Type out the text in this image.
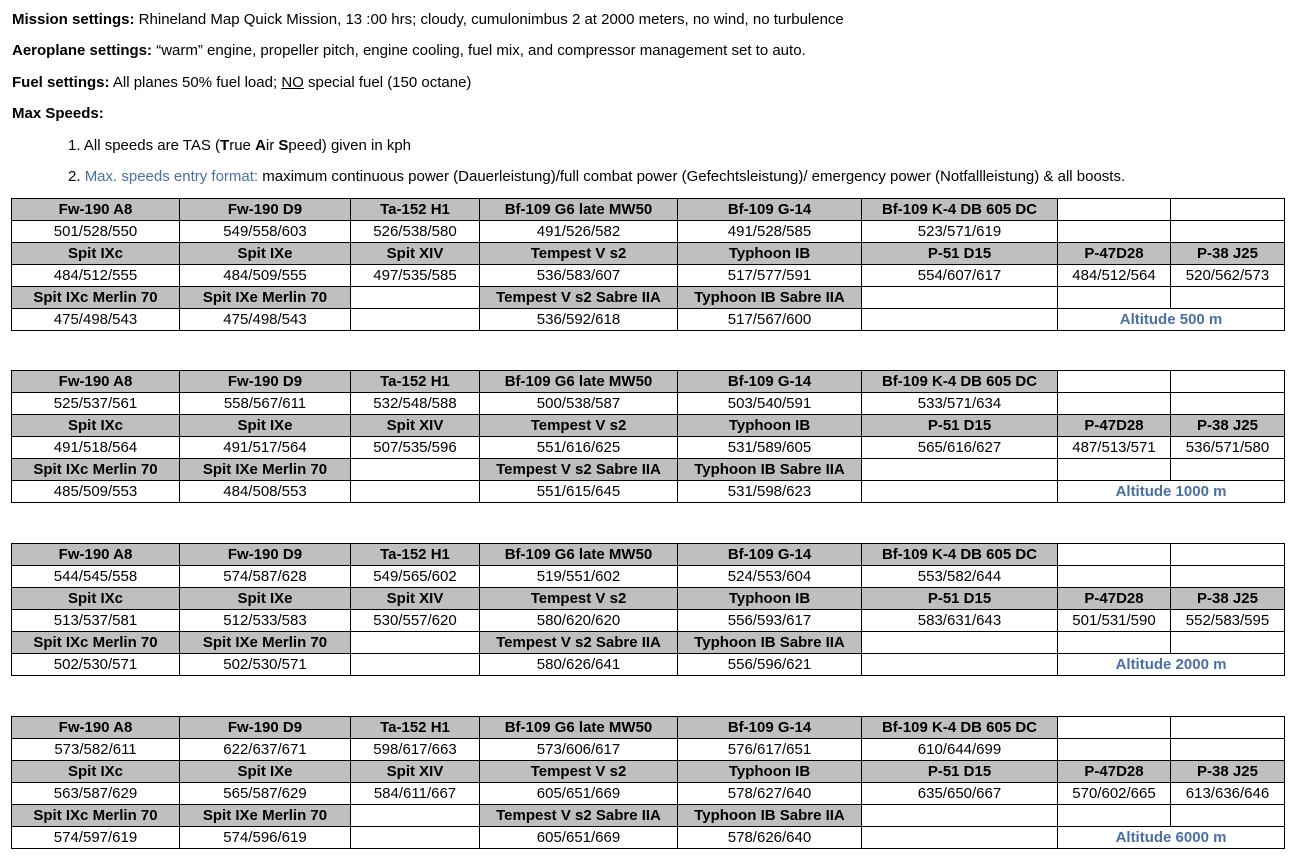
Mission settings: Rhineland Map Quick Mission, 13 :00 hrs; cloudy, cumulonimbus 2 at 2000 meters, no wind, no turbulence
Aeroplane settings: “warm” engine, propeller pitch, engine cooling, fuel mix, and compressor management set to auto.
Fuel settings: All planes 50% fuel load; NO special fuel (150 octane)
Max Speeds:
1. All speeds are TAS (True Air Speed) given in kph
2. Max. speeds entry format: maximum continuous power (Dauerleistung)/full combat power (Gefechtsleistung)/ emergency power (Notfallleistung) & all boosts.
Fw-190 A8	Fw-190 D9	Ta-152 H1	Bf-109 G6 late MW50	Bf-109 G-14	Bf-109 K-4 DB 605 DC		
501/528/550	549/558/603	526/538/580	491/526/582	491/528/585	523/571/619		
Spit IXc	Spit IXe	Spit XIV	Tempest V s2	Typhoon IB	P-51 D15	P-47D28	P-38 J25
484/512/555	484/509/555	497/535/585	536/583/607	517/577/591	554/607/617	484/512/564	520/562/573
Spit IXc Merlin 70	Spit IXe Merlin 70		Tempest V s2 Sabre IIA	Typhoon IB Sabre IIA			
475/498/543	475/498/543		536/592/618	517/567/600		Altitude 500 m	
Fw-190 A8	Fw-190 D9	Ta-152 H1	Bf-109 G6 late MW50	Bf-109 G-14	Bf-109 K-4 DB 605 DC		
525/537/561	558/567/611	532/548/588	500/538/587	503/540/591	533/571/634		
Spit IXc	Spit IXe	Spit XIV	Tempest V s2	Typhoon IB	P-51 D15	P-47D28	P-38 J25
491/518/564	491/517/564	507/535/596	551/616/625	531/589/605	565/616/627	487/513/571	536/571/580
Spit IXc Merlin 70	Spit IXe Merlin 70		Tempest V s2 Sabre IIA	Typhoon IB Sabre IIA			
485/509/553	484/508/553		551/615/645	531/598/623		Altitude 1000 m	
Fw-190 A8	Fw-190 D9	Ta-152 H1	Bf-109 G6 late MW50	Bf-109 G-14	Bf-109 K-4 DB 605 DC		
544/545/558	574/587/628	549/565/602	519/551/602	524/553/604	553/582/644		
Spit IXc	Spit IXe	Spit XIV	Tempest V s2	Typhoon IB	P-51 D15	P-47D28	P-38 J25
513/537/581	512/533/583	530/557/620	580/620/620	556/593/617	583/631/643	501/531/590	552/583/595
Spit IXc Merlin 70	Spit IXe Merlin 70		Tempest V s2 Sabre IIA	Typhoon IB Sabre IIA			
502/530/571	502/530/571		580/626/641	556/596/621		Altitude 2000 m	
Fw-190 A8	Fw-190 D9	Ta-152 H1	Bf-109 G6 late MW50	Bf-109 G-14	Bf-109 K-4 DB 605 DC		
573/582/611	622/637/671	598/617/663	573/606/617	576/617/651	610/644/699		
Spit IXc	Spit IXe	Spit XIV	Tempest V s2	Typhoon IB	P-51 D15	P-47D28	P-38 J25
563/587/629	565/587/629	584/611/667	605/651/669	578/627/640	635/650/667	570/602/665	613/636/646
Spit IXc Merlin 70	Spit IXe Merlin 70		Tempest V s2 Sabre IIA	Typhoon IB Sabre IIA			
574/597/619	574/596/619		605/651/669	578/626/640		Altitude 6000 m	
